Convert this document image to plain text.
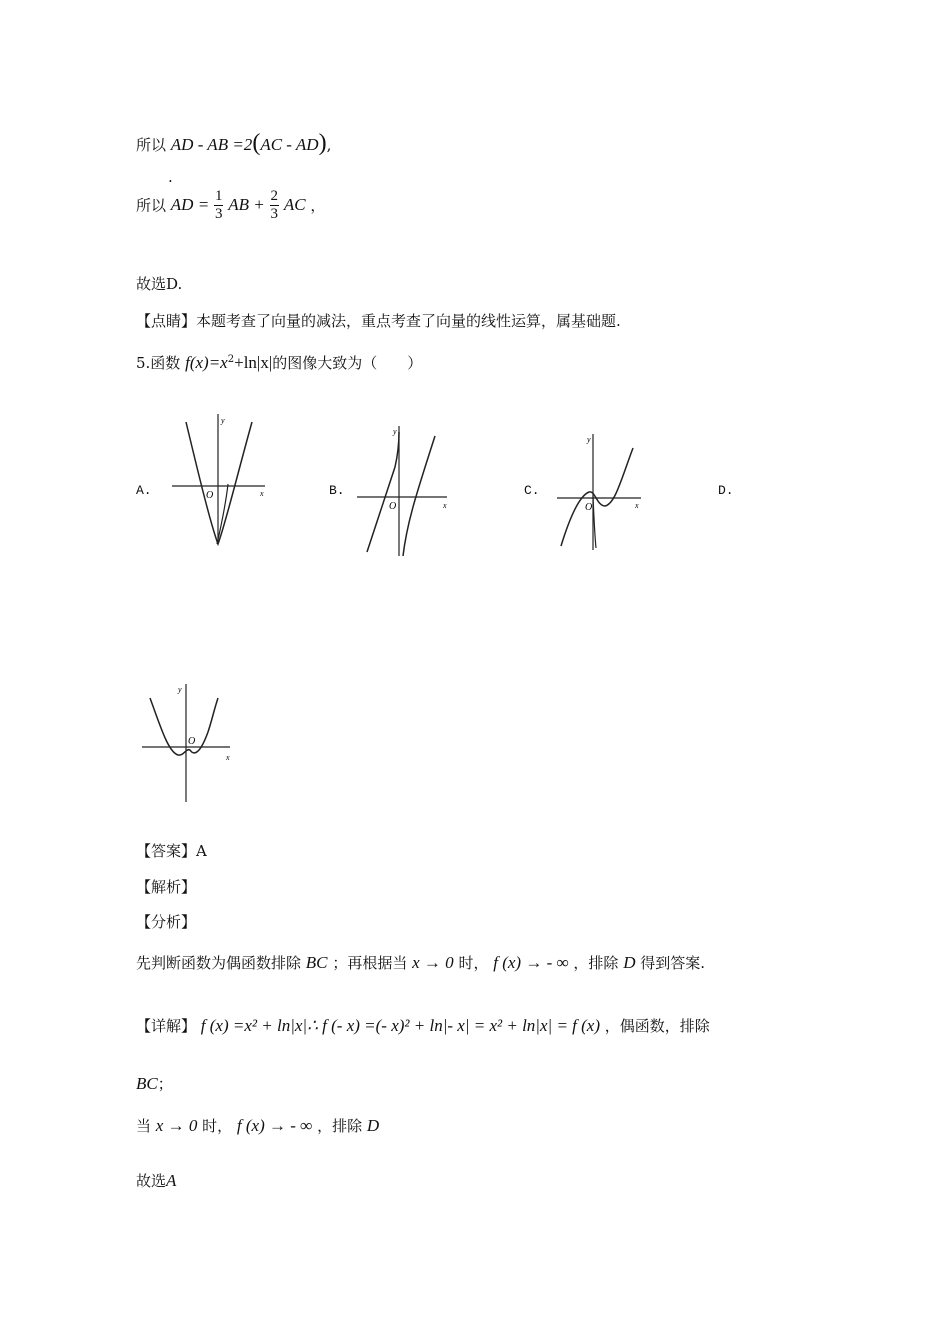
所以 AD - AB =2(AC - AD),
.
所以 AD = $\frac{1}{3}$ AB + $\frac{2}{3}$ AC ，
故选D.
【点睛】本题考查了向量的减法，重点考查了向量的线性运算，属基础题.
5.函数 $f(x)=x^2+\ln|x|$的图像大致为（　　）
A.	B.	C.	D.
y
O	x
y
O	x
y
O	x
y
O
x
【答案】A
【解析】
【分析】
先判断函数为偶函数排除 BC ；再根据当 x → 0 时， f (x) → - ∞ ，排除 D 得到答案.
【详解】 f (x) =x² + ln|x|∴ f (- x) =(- x)² + ln|- x| = x² + ln|x| = f (x) ，偶函数，排除
BC；
当 x → 0 时， f (x) → - ∞ ，排除 D
故选A
